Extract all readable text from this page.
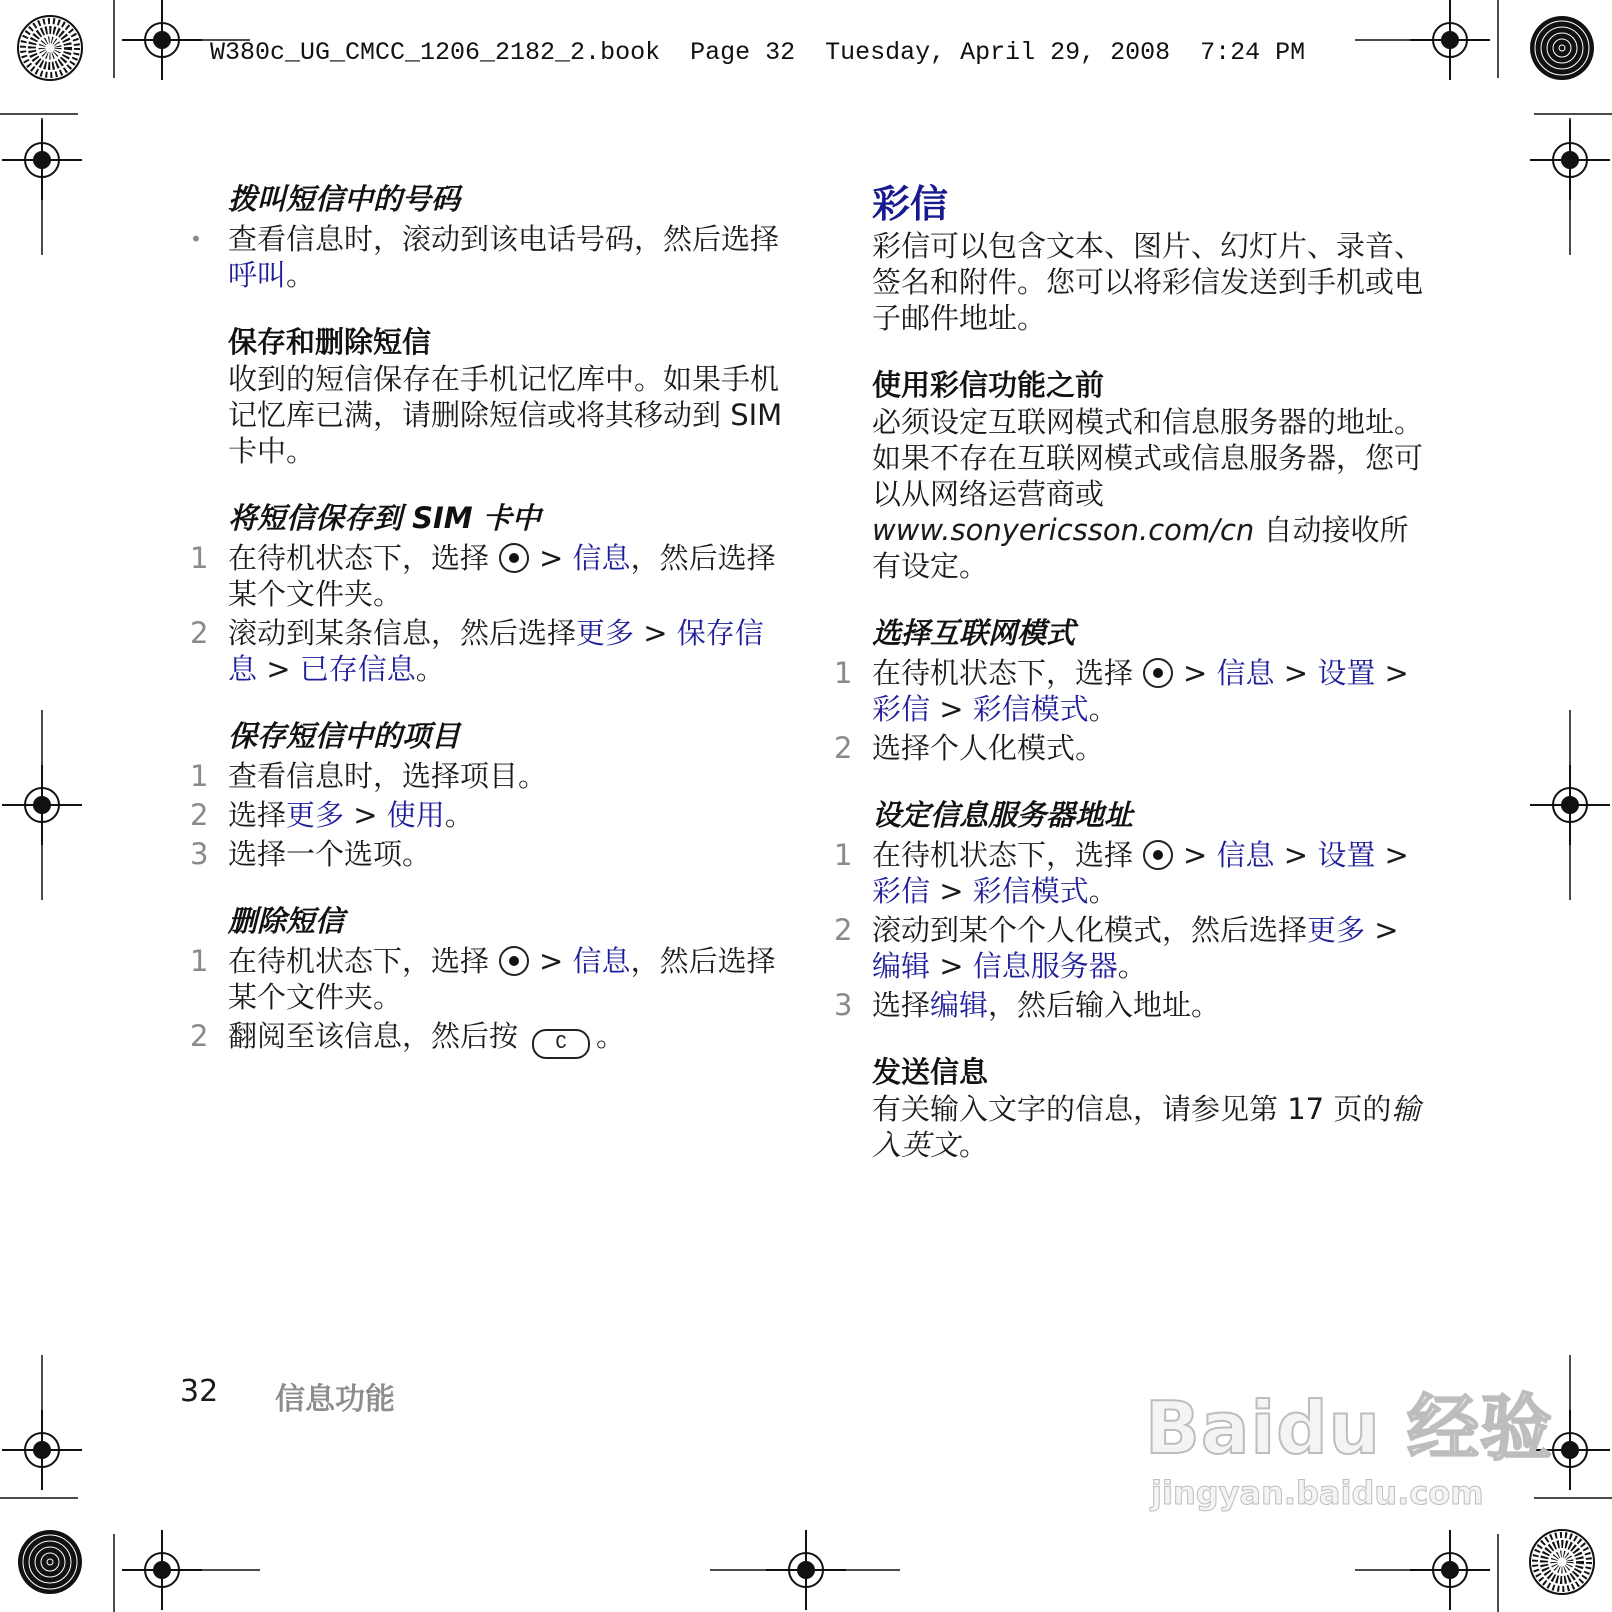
W380c_UG_CMCC_1206_2182_2.book  Page 32  Tuesday, April 29, 2008  7:24 PM
拨叫短信中的号码
• 查看信息时，滚动到该电话号码，然后选择呼叫。
保存和删除短信
收到的短信保存在手机记忆库中。如果手机记忆库已满，请删除短信或将其移动到 SIM 卡中。
将短信保存到 SIM 卡中
1 在待机状态下，选择 > 信息，然后选择某个文件夹。
2 滚动到某条信息，然后选择更多 > 保存信息 > 已存信息。
保存短信中的项目
1 查看信息时，选择项目。
2 选择更多 > 使用。
3 选择一个选项。
删除短信
1 在待机状态下，选择 > 信息，然后选择某个文件夹。
2 翻阅至该信息，然后按 C 。
彩信
彩信可以包含文本、图片、幻灯片、录音、签名和附件。您可以将彩信发送到手机或电子邮件地址。
使用彩信功能之前
必须设定互联网模式和信息服务器的地址。如果不存在互联网模式或信息服务器，您可以从网络运营商或www.sonyericsson.com/cn 自动接收所有设定。
选择互联网模式
1 在待机状态下，选择 > 信息 > 设置 > 彩信 > 彩信模式。
2 选择个人化模式。
设定信息服务器地址
1 在待机状态下，选择 > 信息 > 设置 > 彩信 > 彩信模式。
2 滚动到某个个人化模式，然后选择更多 > 编辑 > 信息服务器。
3 选择编辑，然后输入地址。
发送信息
有关输入文字的信息，请参见第 17 页的输入英文。
32 信息功能	Baidu 经验
jingyan.baidu.com
